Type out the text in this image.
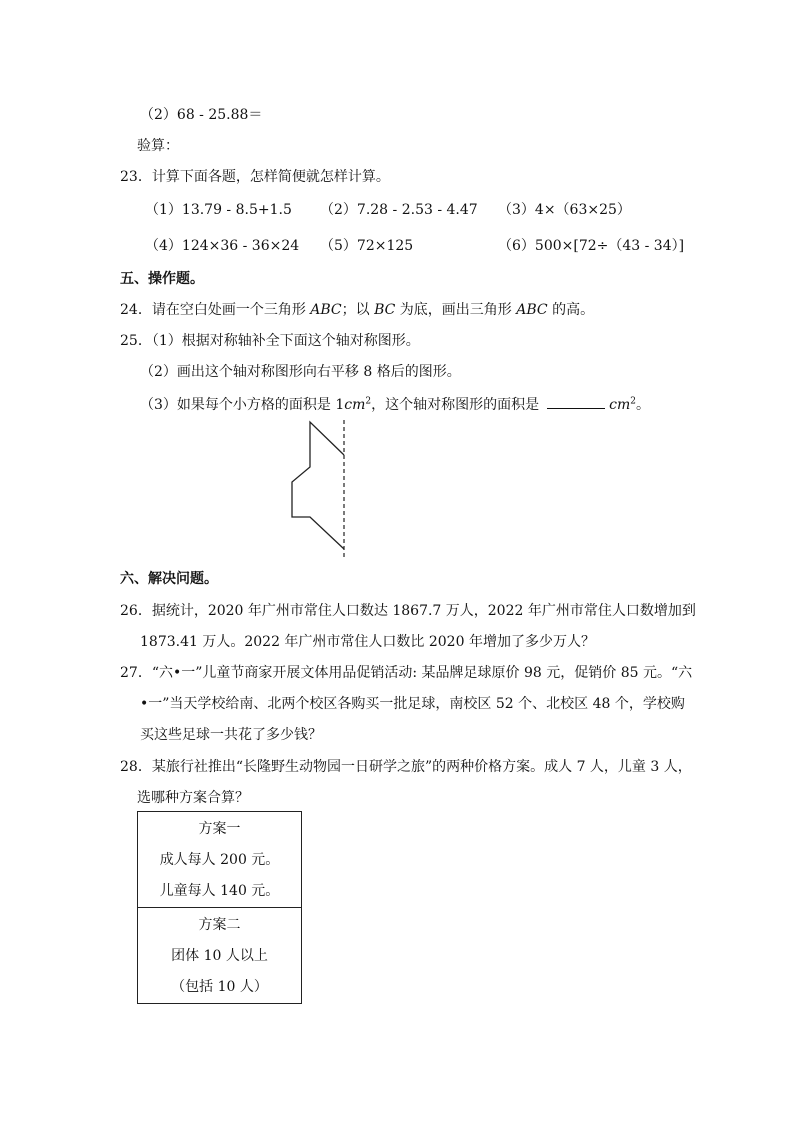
（2）68 - 25.88＝
验算：
23．计算下面各题，怎样简便就怎样计算。
（1）13.79 - 8.5+1.5 （2）7.28 - 2.53 - 4.47 （3）4×（63×25）
（4）124×36 - 36×24 （5）72×125	（6）500×[72÷（43 - 34）]
五、操作题。
24．请在空白处画一个三角形 ABC；以 BC 为底，画出三角形 ABC 的高。
25．（1）根据对称轴补全下面这个轴对称图形。
（2）画出这个轴对称图形向右平移 8 格后的图形。
（3）如果每个小方格的面积是 $1cm^2$，这个轴对称图形的面积是	$cm^2$。
六、解决问题。
26．据统计，2020 年广州市常住人口数达 1867.7 万人，2022 年广州市常住人口数增加到
1873.41 万人。2022 年广州市常住人口数比 2020 年增加了多少万人？
27．“六•一”儿童节商家开展文体用品促销活动: 某品牌足球原价 98 元，促销价 85 元。“六
•一”当天学校给南、北两个校区各购买一批足球，南校区 52 个、北校区 48 个，学校购
买这些足球一共花了多少钱？
28．某旅行社推出“长隆野生动物园一日研学之旅”的两种价格方案。成人 7 人，儿童 3 人，
选哪种方案合算？
方案一
成人每人 200 元。
儿童每人 140 元。
方案二
团体 10 人以上
（包括 10 人）
